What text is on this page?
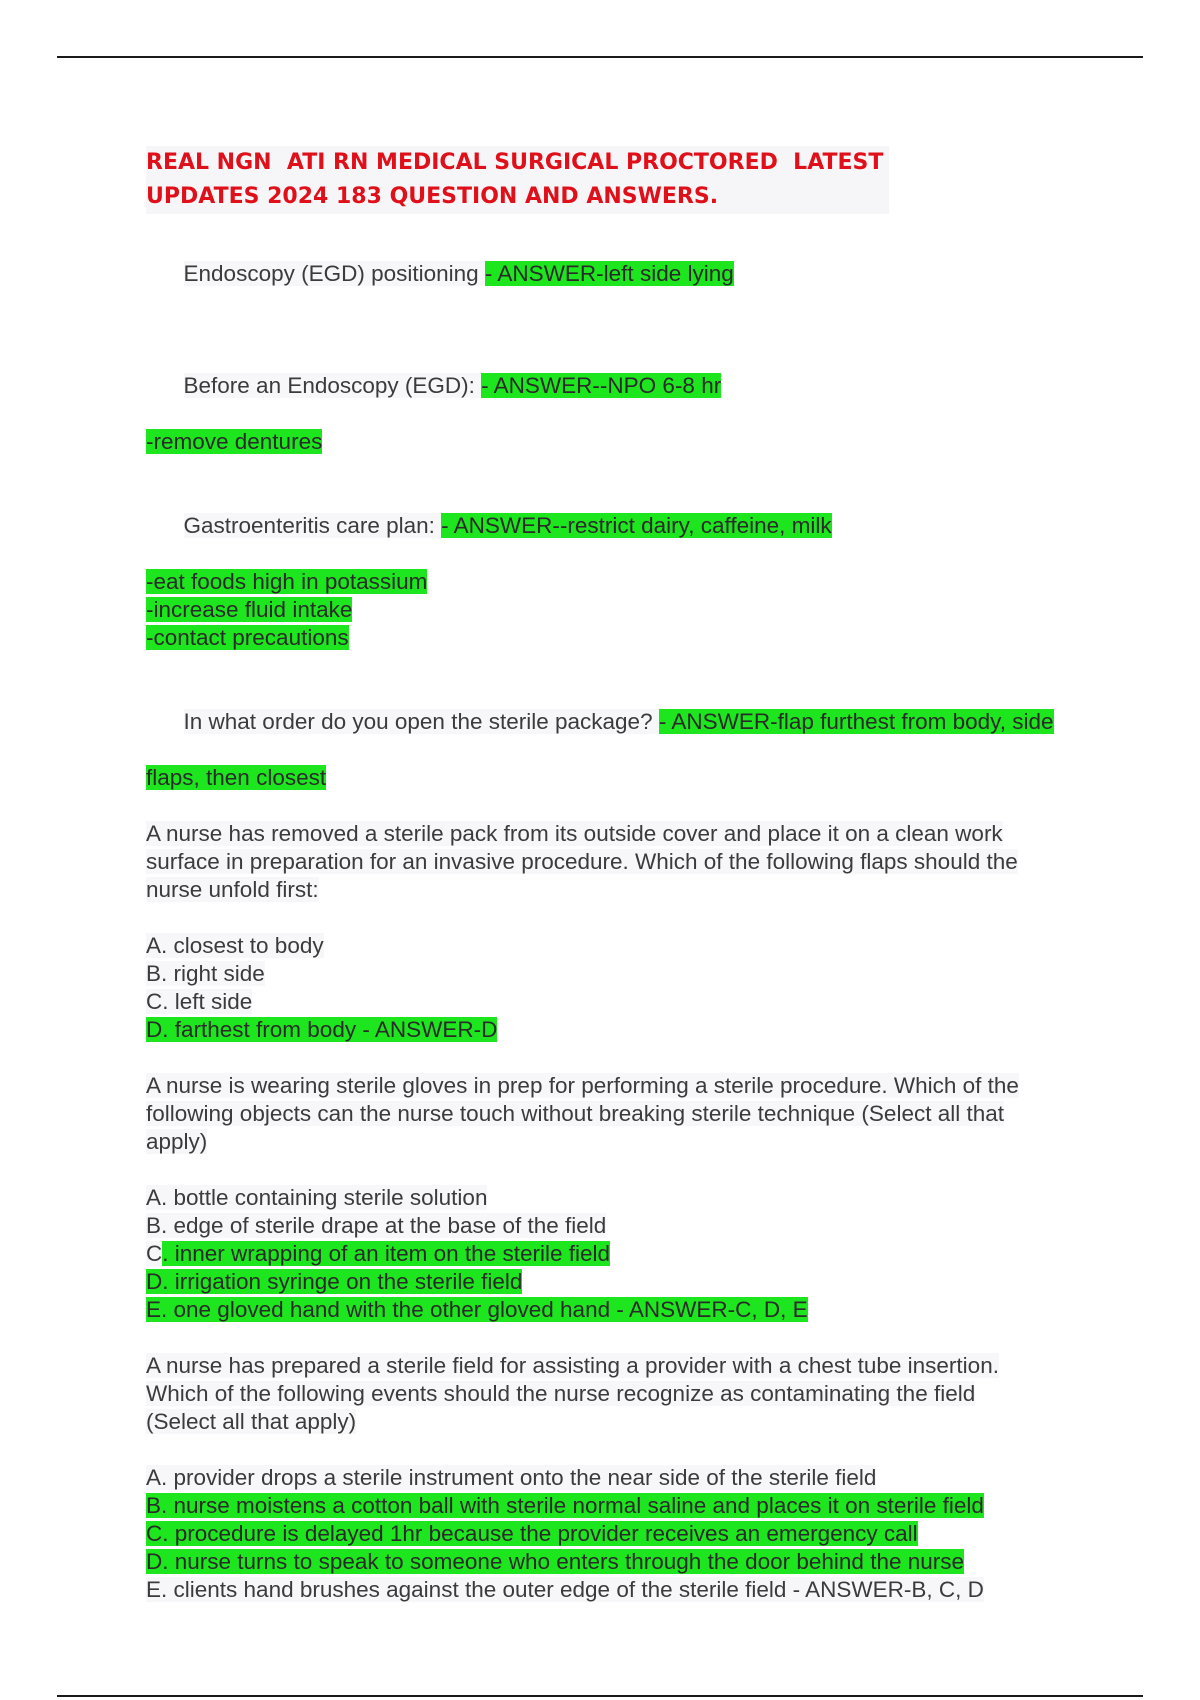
REAL NGN  ATI RN MEDICAL SURGICAL PROCTORED  LATEST
UPDATES 2024 183 QUESTION AND ANSWERS.

Endoscopy (EGD) positioning - ANSWER-left side lying

Before an Endoscopy (EGD): - ANSWER--NPO 6-8 hr

-remove dentures

Gastroenteritis care plan: - ANSWER--restrict dairy, caffeine, milk

-eat foods high in potassium
-increase fluid intake
-contact precautions

In what order do you open the sterile package? - ANSWER-flap furthest from body, side

flaps, then closest
A nurse has removed a sterile pack from its outside cover and place it on a clean work
surface in preparation for an invasive procedure. Which of the following flaps should the
nurse unfold first:
A. closest to body
B. right side
C. left side
D. farthest from body - ANSWER-D
A nurse is wearing sterile gloves in prep for performing a sterile procedure. Which of the
following objects can the nurse touch without breaking sterile technique (Select all that
apply)
A. bottle containing sterile solution
B. edge of sterile drape at the base of the field
C. inner wrapping of an item on the sterile field
D. irrigation syringe on the sterile field
E. one gloved hand with the other gloved hand - ANSWER-C, D, E
A nurse has prepared a sterile field for assisting a provider with a chest tube insertion.
Which of the following events should the nurse recognize as contaminating the field
(Select all that apply)
A. provider drops a sterile instrument onto the near side of the sterile field
B. nurse moistens a cotton ball with sterile normal saline and places it on sterile field
C. procedure is delayed 1hr because the provider receives an emergency call
D. nurse turns to speak to someone who enters through the door behind the nurse
E. clients hand brushes against the outer edge of the sterile field - ANSWER-B, C, D
